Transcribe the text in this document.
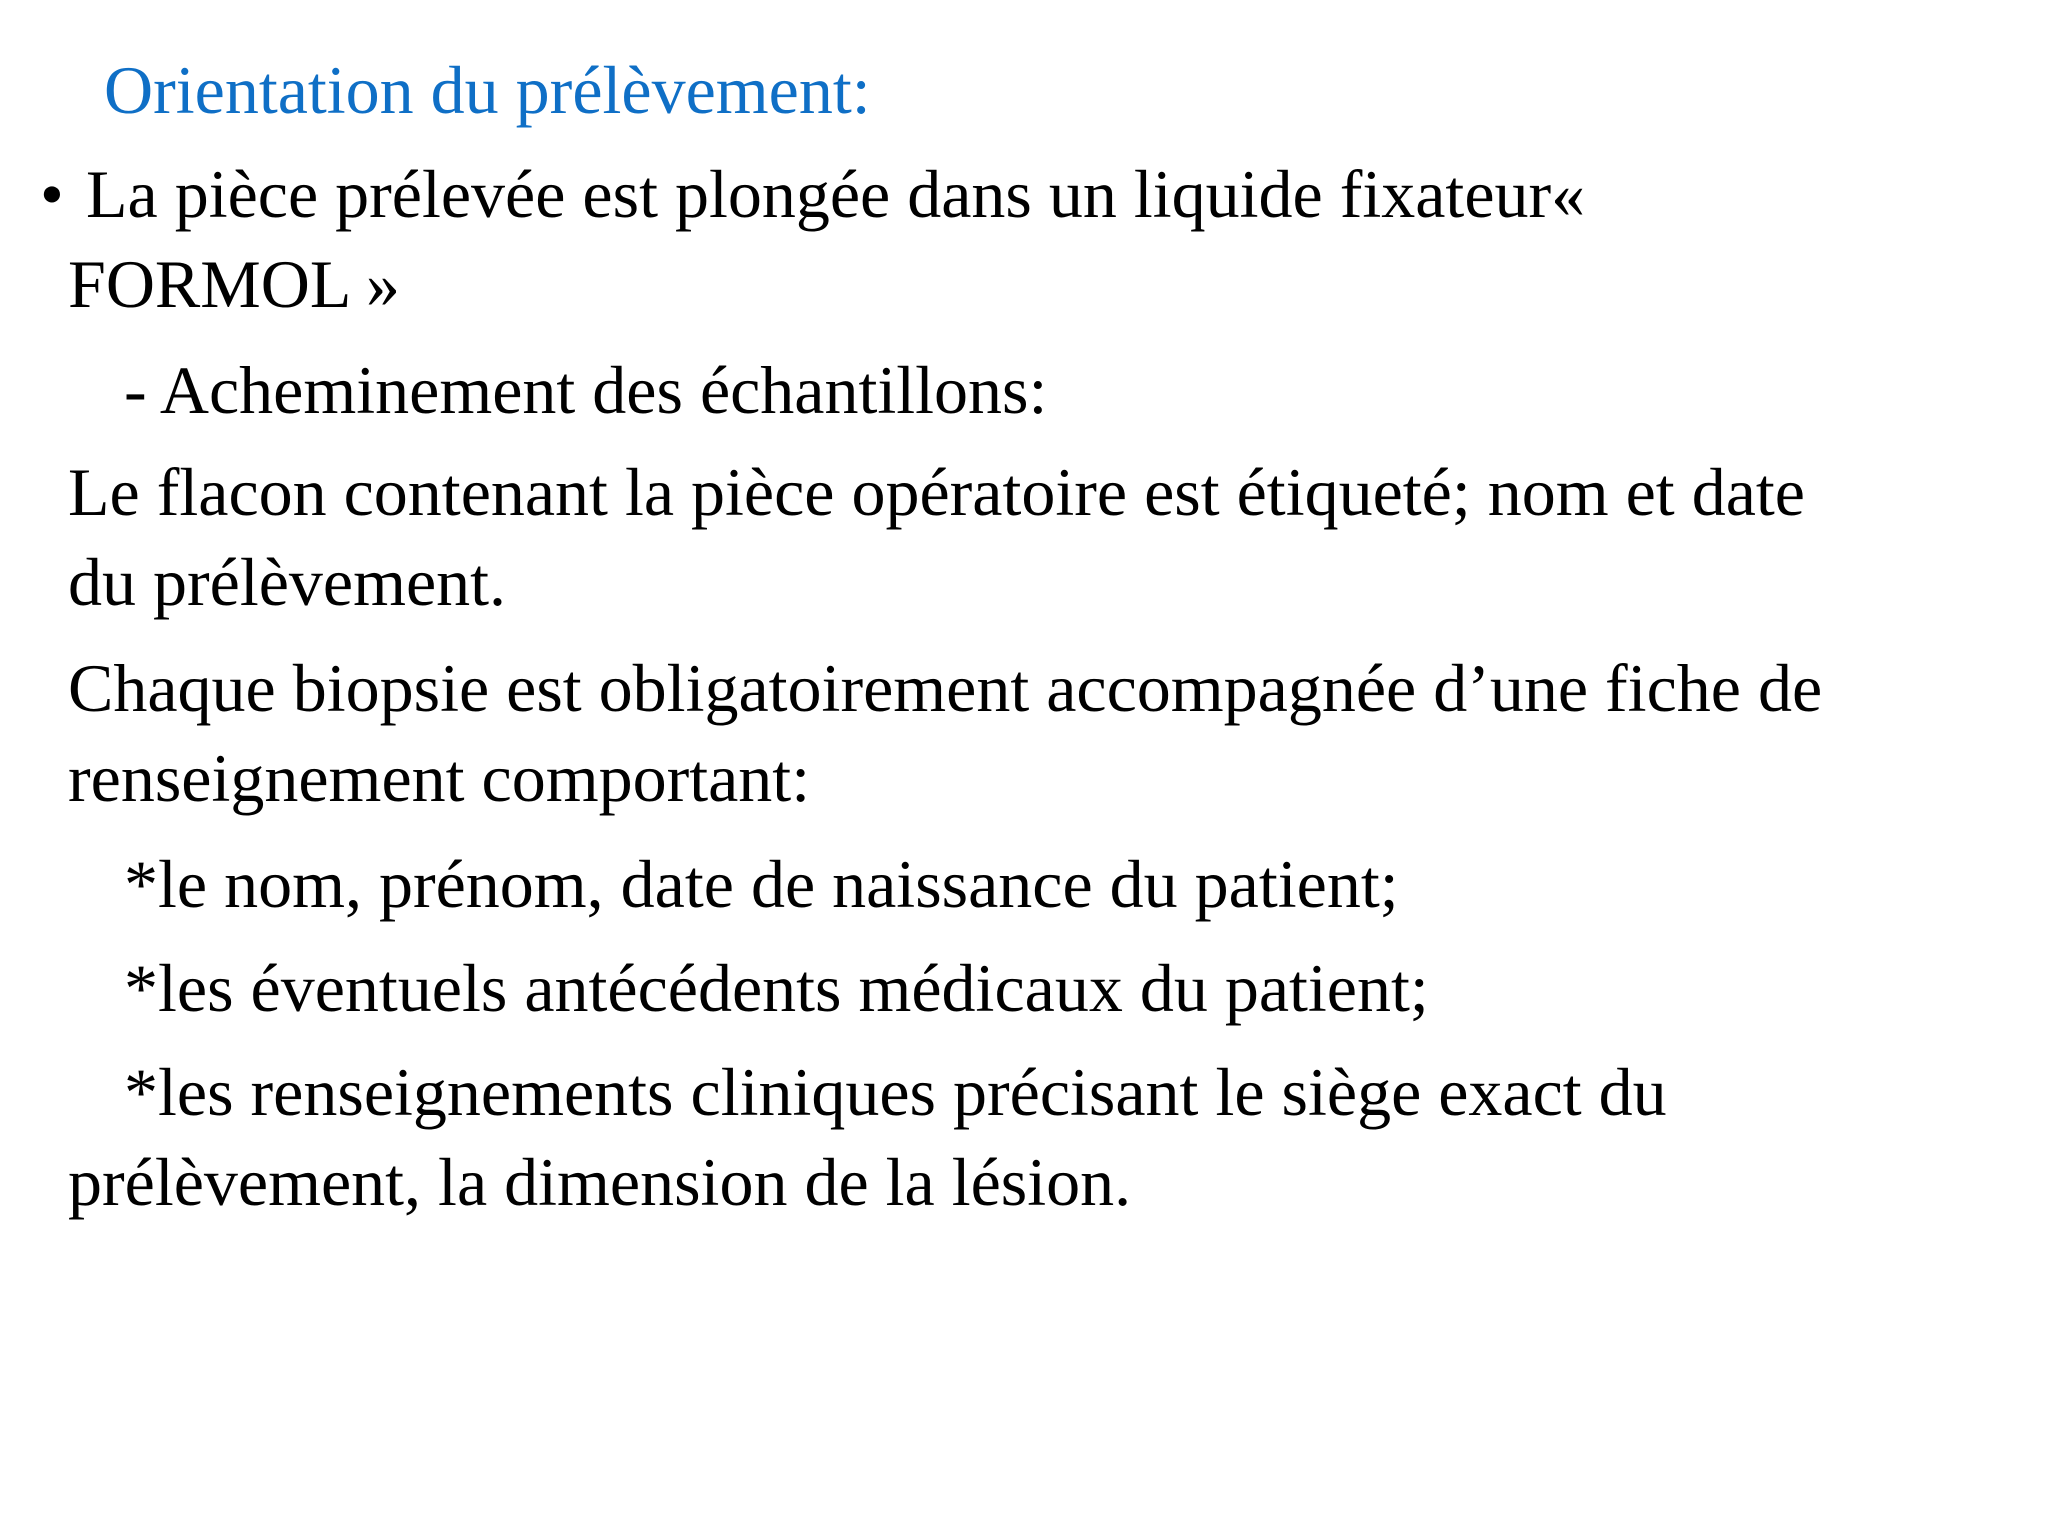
Orientation du prélèvement:
• La pièce prélevée est plongée dans un liquide fixateur«
FORMOL »
- Acheminement des échantillons:
Le flacon contenant la pièce opératoire est étiqueté; nom et date
du prélèvement.
Chaque biopsie est obligatoirement accompagnée d’une fiche de
renseignement comportant:
*le nom, prénom, date de naissance du patient;
*les éventuels antécédents médicaux du patient;
*les renseignements cliniques précisant le siège exact du
prélèvement, la dimension de la lésion.
